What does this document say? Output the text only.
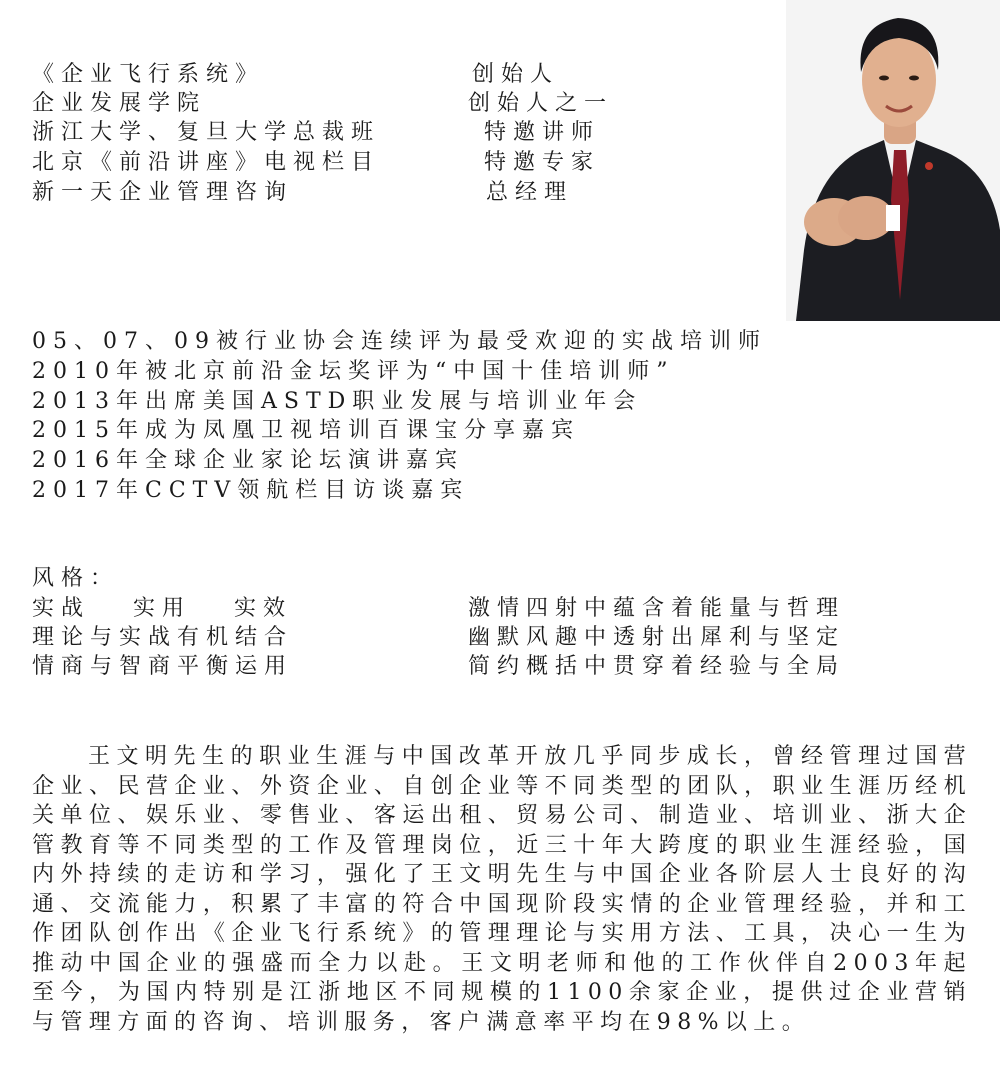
《企业飞行系统》	创始人
企业发展学院	创始人之一
浙江大学、复旦大学总裁班	特邀讲师
北京《前沿讲座》电视栏目	特邀专家
新一天企业管理咨询	总经理
05、07、09被行业协会连续评为最受欢迎的实战培训师
2010年被北京前沿金坛奖评为“中国十佳培训师”
2013年出席美国ASTD职业发展与培训业年会
2015年成为凤凰卫视培训百课宝分享嘉宾
2016年全球企业家论坛演讲嘉宾
2017年CCTV领航栏目访谈嘉宾
风格：
实战　 实用　 实效	激情四射中蕴含着能量与哲理
理论与实战有机结合	幽默风趣中透射出犀利与坚定
情商与智商平衡运用	简约概括中贯穿着经验与全局
王文明先生的职业生涯与中国改革开放几乎同步成长，曾经管理过国营企业、民营企业、外资企业、自创企业等不同类型的团队，职业生涯历经机关单位、娱乐业、零售业、客运出租、贸易公司、制造业、培训业、浙大企管教育等不同类型的工作及管理岗位，近三十年大跨度的职业生涯经验，国内外持续的走访和学习，强化了王文明先生与中国企业各阶层人士良好的沟通、交流能力，积累了丰富的符合中国现阶段实情的企业管理经验，并和工作团队创作出《企业飞行系统》的管理理论与实用方法、工具，决心一生为推动中国企业的强盛而全力以赴。王文明老师和他的工作伙伴自2003年起至今，为国内特别是江浙地区不同规模的1100余家企业，提供过企业营销与管理方面的咨询、培训服务，客户满意率平均在98%以上。
